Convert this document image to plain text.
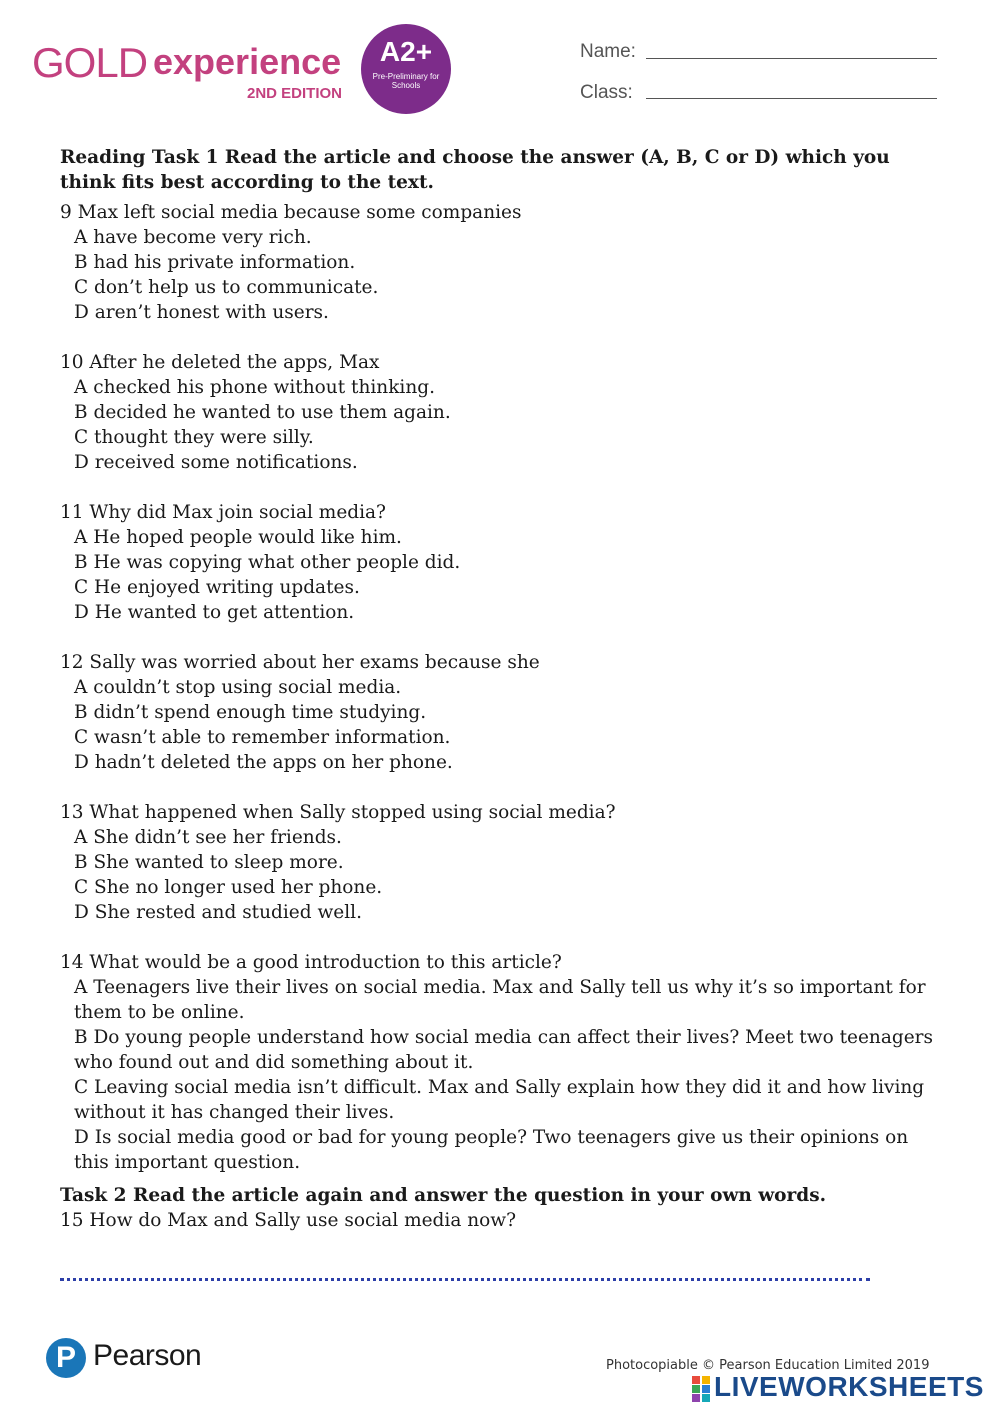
GOLD experience
2ND EDITION
A2+
Pre-Preliminary for Schools
Name:
Class:

Reading Task 1 Read the article and choose the answer (A, B, C or D) which you think fits best according to the text.

9 Max left social media because some companies

A have become very rich.

B had his private information.

C don’t help us to communicate.

D aren’t honest with users.

10 After he deleted the apps, Max

A checked his phone without thinking.

B decided he wanted to use them again.

C thought they were silly.

D received some notifications.

11 Why did Max join social media?

A He hoped people would like him.

B He was copying what other people did.

C He enjoyed writing updates.

D He wanted to get attention.

12 Sally was worried about her exams because she

A couldn’t stop using social media.

B didn’t spend enough time studying.

C wasn’t able to remember information.

D hadn’t deleted the apps on her phone.

13 What happened when Sally stopped using social media?

A She didn’t see her friends.

B She wanted to sleep more.

C She no longer used her phone.

D She rested and studied well.

14 What would be a good introduction to this article?

A Teenagers live their lives on social media. Max and Sally tell us why it’s so important for them to be online.

B Do young people understand how social media can affect their lives? Meet two teenagers who found out and did something about it.

C Leaving social media isn’t difficult. Max and Sally explain how they did it and how living without it has changed their lives.

D Is social media good or bad for young people? Two teenagers give us their opinions on this important question.

Task 2 Read the article again and answer the question in your own words.

15 How do Max and Sally use social media now?

P Pearson	Photocopiable © Pearson Education Limited 2019
LIVEWORKSHEETS
